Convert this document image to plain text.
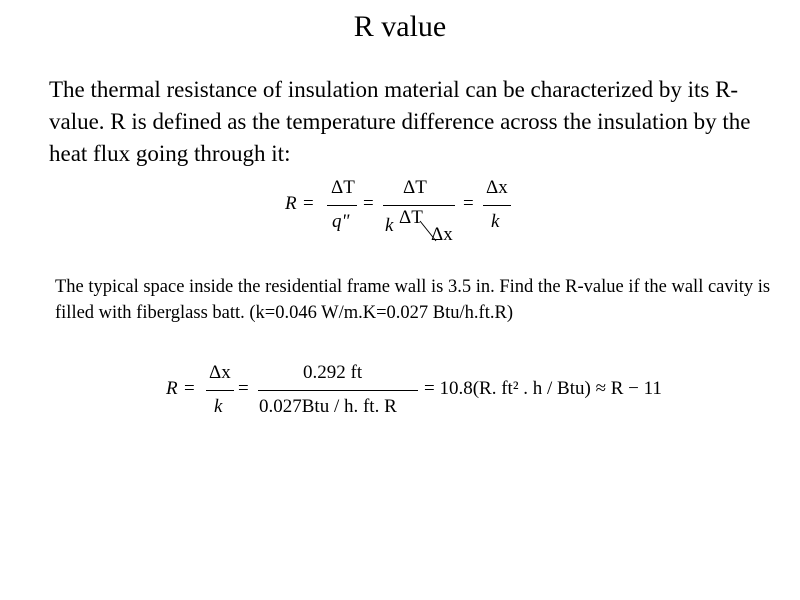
R value
The thermal resistance of insulation material can be characterized by its R-value. R is defined as the temperature difference across the insulation by the heat flux going through it:
R =
ΔT
q"
=
ΔT
k ΔT
Δx
=
Δx
k
The typical space inside the residential frame wall is 3.5 in. Find the R-value if the wall cavity is filled with fiberglass batt. (k=0.046 W/m.K=0.027 Btu/h.ft.R)
R =
Δx
k
=
0.292 ft
0.027Btu / h. ft. R
= 10.8(R. ft² . h / Btu) ≈ R − 11
